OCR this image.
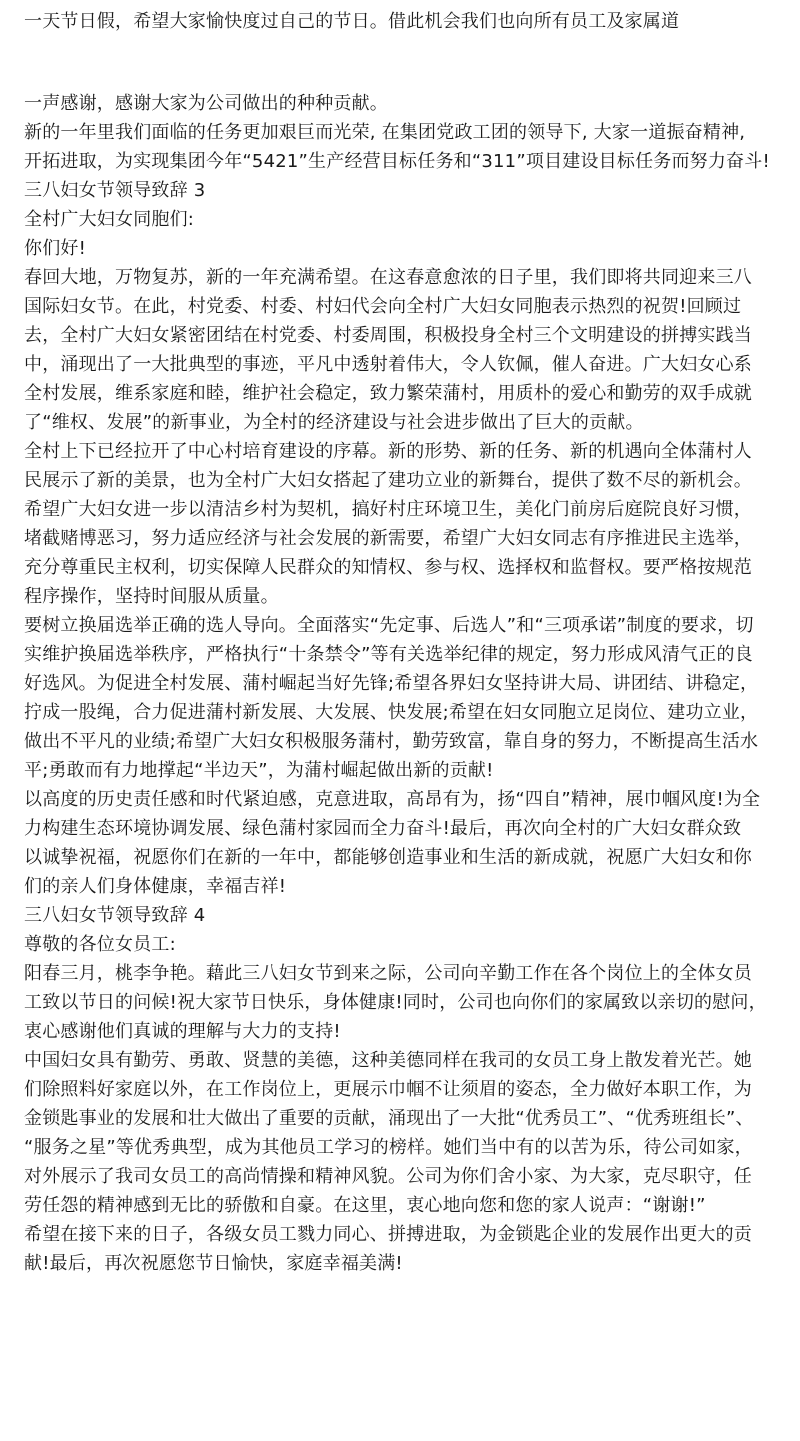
一天节日假，希望大家愉快度过自己的节日。借此机会我们也向所有员工及家属道
一声感谢，感谢大家为公司做出的种种贡献。
新的一年里我们面临的任务更加艰巨而光荣, 在集团党政工团的领导下, 大家一道振奋精神,
开拓进取，为实现集团今年“5421”生产经营目标任务和“311”项目建设目标任务而努力奋斗!
三八妇女节领导致辞 3
全村广大妇女同胞们:
你们好!
春回大地，万物复苏，新的一年充满希望。在这春意愈浓的日子里，我们即将共同迎来三八
国际妇女节。在此，村党委、村委、村妇代会向全村广大妇女同胞表示热烈的祝贺!回顾过
去，全村广大妇女紧密团结在村党委、村委周围，积极投身全村三个文明建设的拼搏实践当
中，涌现出了一大批典型的事迹，平凡中透射着伟大，令人钦佩，催人奋进。广大妇女心系
全村发展，维系家庭和睦，维护社会稳定，致力繁荣蒲村，用质朴的爱心和勤劳的双手成就
了“维权、发展”的新事业，为全村的经济建设与社会进步做出了巨大的贡献。
全村上下已经拉开了中心村培育建设的序幕。新的形势、新的任务、新的机遇向全体蒲村人
民展示了新的美景，也为全村广大妇女搭起了建功立业的新舞台，提供了数不尽的新机会。
希望广大妇女进一步以清洁乡村为契机，搞好村庄环境卫生，美化门前房后庭院良好习惯，
堵截赌博恶习，努力适应经济与社会发展的新需要，希望广大妇女同志有序推进民主选举，
充分尊重民主权利，切实保障人民群众的知情权、参与权、选择权和监督权。要严格按规范
程序操作，坚持时间服从质量。
要树立换届选举正确的选人导向。全面落实“先定事、后选人”和“三项承诺”制度的要求，切
实维护换届选举秩序，严格执行“十条禁令”等有关选举纪律的规定，努力形成风清气正的良
好选风。为促进全村发展、蒲村崛起当好先锋;希望各界妇女坚持讲大局、讲团结、讲稳定，
拧成一股绳，合力促进蒲村新发展、大发展、快发展;希望在妇女同胞立足岗位、建功立业，
做出不平凡的业绩;希望广大妇女积极服务蒲村，勤劳致富，靠自身的努力，不断提高生活水
平;勇敢而有力地撑起“半边天”，为蒲村崛起做出新的贡献!
以高度的历史责任感和时代紧迫感，克意进取，高昂有为，扬“四自”精神，展巾帼风度!为全
力构建生态环境协调发展、绿色蒲村家园而全力奋斗!最后，再次向全村的广大妇女群众致
以诚挚祝福，祝愿你们在新的一年中，都能够创造事业和生活的新成就，祝愿广大妇女和你
们的亲人们身体健康，幸福吉祥!
三八妇女节领导致辞 4
尊敬的各位女员工:
阳春三月，桃李争艳。藉此三八妇女节到来之际，公司向辛勤工作在各个岗位上的全体女员
工致以节日的问候!祝大家节日快乐，身体健康!同时，公司也向你们的家属致以亲切的慰问，
衷心感谢他们真诚的理解与大力的支持!
中国妇女具有勤劳、勇敢、贤慧的美德，这种美德同样在我司的女员工身上散发着光芒。她
们除照料好家庭以外，在工作岗位上，更展示巾帼不让须眉的姿态，全力做好本职工作，为
金锁匙事业的发展和壮大做出了重要的贡献，涌现出了一大批“优秀员工”、“优秀班组长”、
“服务之星”等优秀典型，成为其他员工学习的榜样。她们当中有的以苦为乐，待公司如家，
对外展示了我司女员工的高尚情操和精神风貌。公司为你们舍小家、为大家，克尽职守，任
劳任怨的精神感到无比的骄傲和自豪。在这里，衷心地向您和您的家人说声：“谢谢!”
希望在接下来的日子，各级女员工戮力同心、拼搏进取，为金锁匙企业的发展作出更大的贡
献!最后，再次祝愿您节日愉快，家庭幸福美满!
